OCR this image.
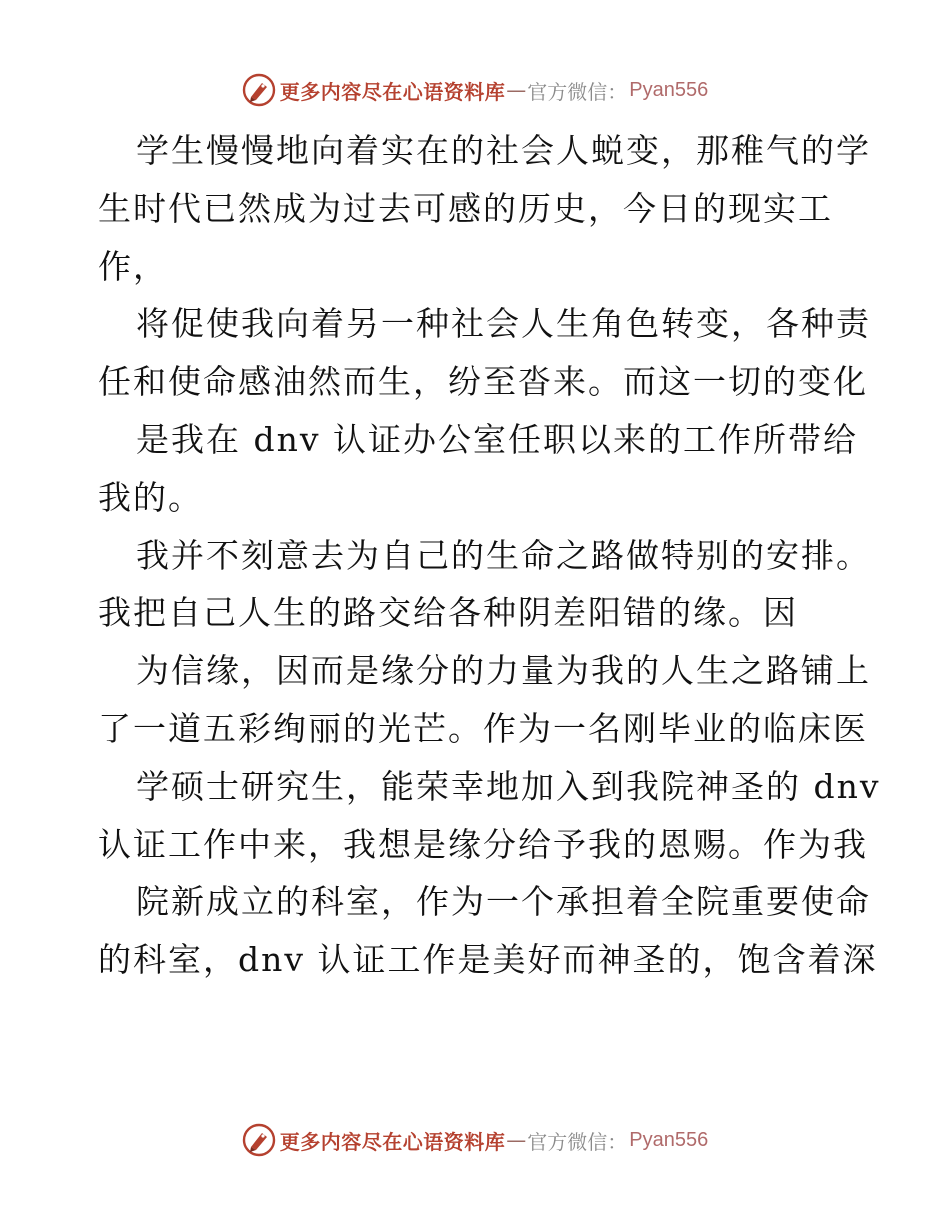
更多内容尽在心语资料库 — 官方微信： Pyan556
学生慢慢地向着实在的社会人蜕变，那稚气的学
生时代已然成为过去可感的历史，今日的现实工
作，
将促使我向着另一种社会人生角色转变，各种责
任和使命感油然而生，纷至沓来。而这一切的变化
是我在 dnv 认证办公室任职以来的工作所带给
我的。
我并不刻意去为自己的生命之路做特别的安排。
我把自己人生的路交给各种阴差阳错的缘。因
为信缘，因而是缘分的力量为我的人生之路铺上
了一道五彩绚丽的光芒。作为一名刚毕业的临床医
学硕士研究生，能荣幸地加入到我院神圣的 dnv
认证工作中来，我想是缘分给予我的恩赐。作为我
院新成立的科室，作为一个承担着全院重要使命
的科室，dnv 认证工作是美好而神圣的，饱含着深
更多内容尽在心语资料库 — 官方微信： Pyan556
